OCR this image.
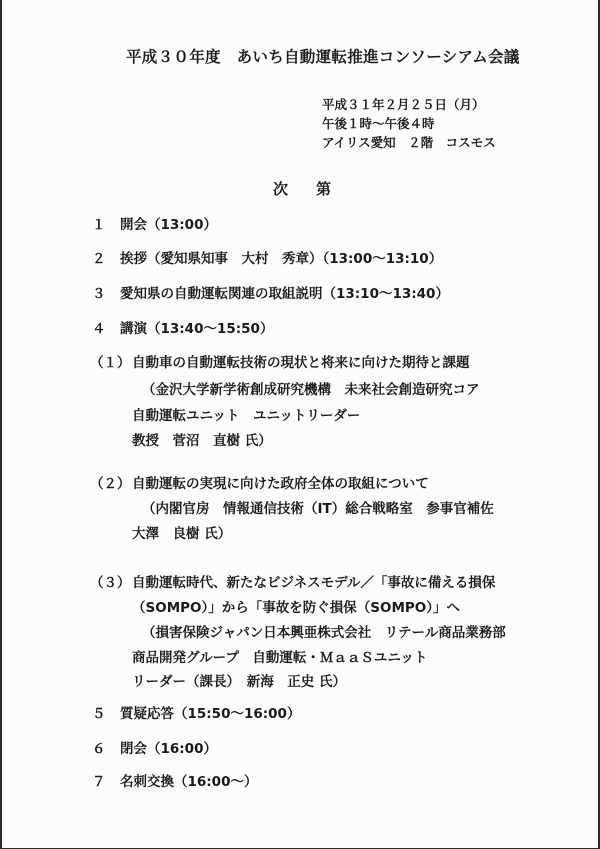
平成３０年度　あいち自動運転推進コンソーシアム会議
平成３１年２月２５日（月）
午後１時～午後４時
アイリス愛知　２階　コスモス
次第
１ 開会（13:00）
２ 挨拶（愛知県知事　大村　秀章）（13:00～13:10）
３ 愛知県の自動運転関連の取組説明（13:10～13:40）
４ 講演（13:40～15:50）
（１） 自動車の自動運転技術の現状と将来に向けた期待と課題
（金沢大学新学術創成研究機構　未来社会創造研究コア
自動運転ユニット　ユニットリーダー
教授　菅沼　直樹 氏）
（２） 自動運転の実現に向けた政府全体の取組について
（内閣官房　情報通信技術（IT）総合戦略室　参事官補佐
大澤　良樹 氏）
（３） 自動運転時代、新たなビジネスモデル／「事故に備える損保
（SOMPO）」から「事故を防ぐ損保（SOMPO）」へ
（損害保険ジャパン日本興亜株式会社　リテール商品業務部
商品開発グループ　自動運転・ＭａａＳユニット
リーダー（課長）　新海　正史 氏）
５ 質疑応答（15:50～16:00）
６ 閉会（16:00）
７ 名刺交換（16:00～）
